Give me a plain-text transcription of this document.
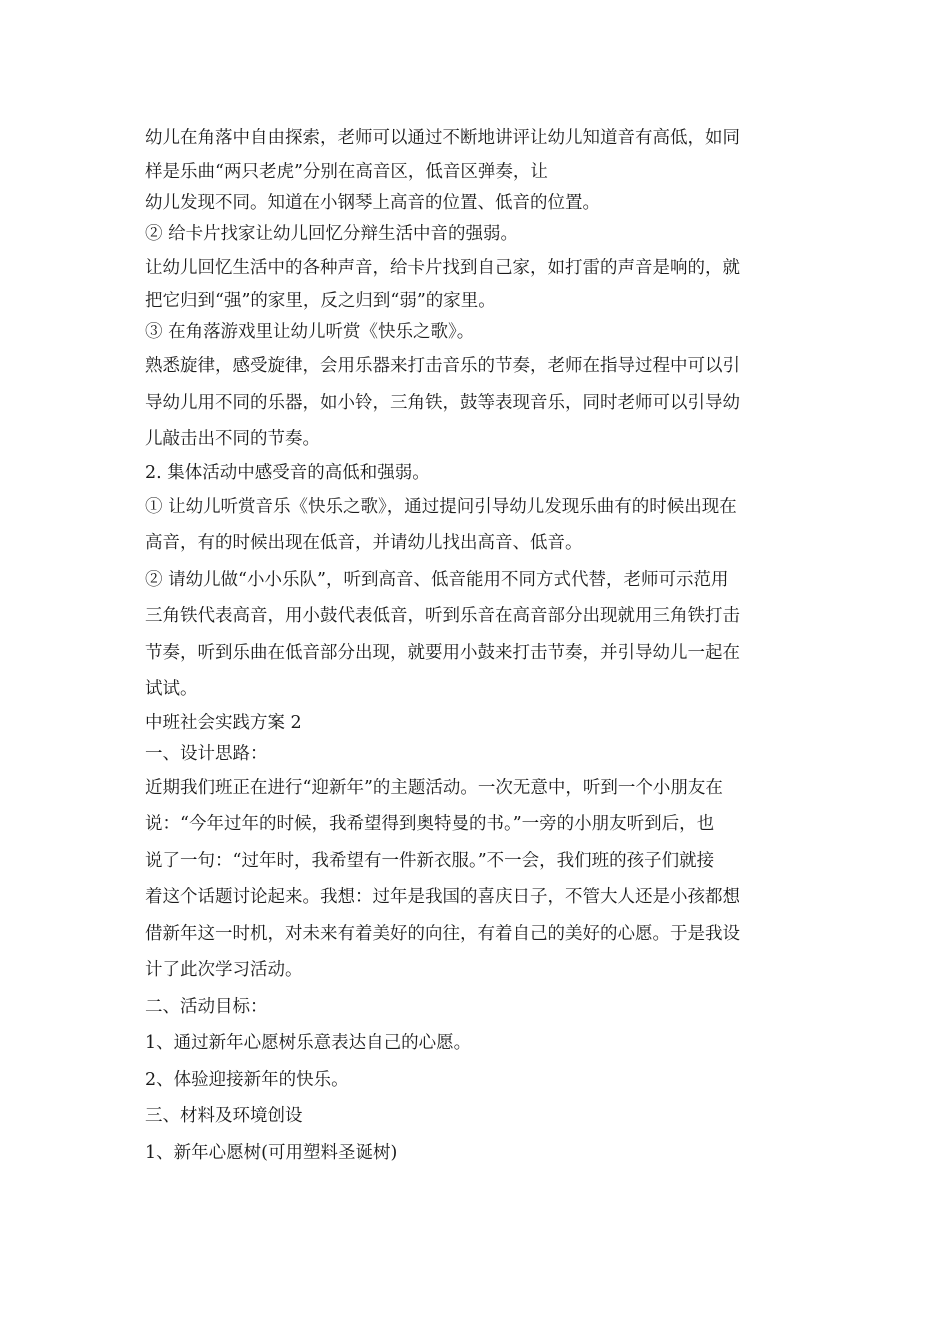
幼儿在角落中自由探索，老师可以通过不断地讲评让幼儿知道音有高低，如同
样是乐曲“两只老虎”分别在高音区，低音区弹奏，让
幼儿发现不同。知道在小钢琴上高音的位置、低音的位置。
② 给卡片找家让幼儿回忆分辩生活中音的强弱。
让幼儿回忆生活中的各种声音，给卡片找到自己家，如打雷的声音是响的，就
把它归到“强”的家里，反之归到“弱”的家里。
③ 在角落游戏里让幼儿听赏《快乐之歌》。
熟悉旋律，感受旋律，会用乐器来打击音乐的节奏，老师在指导过程中可以引
导幼儿用不同的乐器，如小铃，三角铁，鼓等表现音乐，同时老师可以引导幼
儿敲击出不同的节奏。
2. 集体活动中感受音的高低和强弱。
① 让幼儿听赏音乐《快乐之歌》，通过提问引导幼儿发现乐曲有的时候出现在
高音，有的时候出现在低音，并请幼儿找出高音、低音。
② 请幼儿做“小小乐队”，听到高音、低音能用不同方式代替，老师可示范用
三角铁代表高音，用小鼓代表低音，听到乐音在高音部分出现就用三角铁打击
节奏，听到乐曲在低音部分出现，就要用小鼓来打击节奏，并引导幼儿一起在
试试。
中班社会实践方案 2
一、设计思路：
近期我们班正在进行“迎新年”的主题活动。一次无意中，听到一个小朋友在
说：“今年过年的时候，我希望得到奥特曼的书。”一旁的小朋友听到后，也
说了一句：“过年时，我希望有一件新衣服。”不一会，我们班的孩子们就接
着这个话题讨论起来。我想：过年是我国的喜庆日子，不管大人还是小孩都想
借新年这一时机，对未来有着美好的向往，有着自己的美好的心愿。于是我设
计了此次学习活动。
二、活动目标：
1、通过新年心愿树乐意表达自己的心愿。
2、体验迎接新年的快乐。
三、材料及环境创设
1、新年心愿树(可用塑料圣诞树)
